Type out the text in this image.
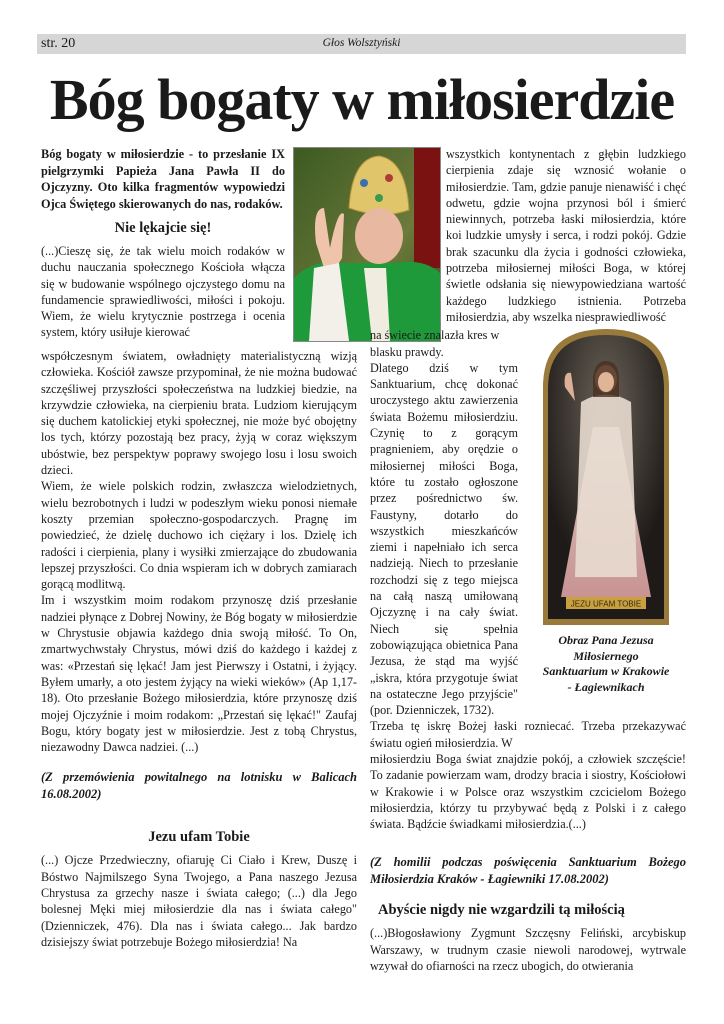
str. 20	Głos Wolsztyński
Bóg bogaty w miłosierdzie

Bóg bogaty w miłosierdzie - to przesłanie IX pielgrzymki Papieża Jana Pawła II do Ojczyzny. Oto kilka fragmentów wypowiedzi Ojca Świętego skierowanych do nas, rodaków.

Nie lękajcie się!

(...)Cieszę się, że tak wielu moich rodaków w duchu nauczania społecznego Kościoła włącza się w budowanie wspólnego ojczystego domu na fundamencie sprawiedliwości, miłości i pokoju. Wiem, że wielu krytycznie postrzega i ocenia system, który usiłuje kierować

współczesnym światem, owładnięty materialistyczną wizją człowieka. Kościół zawsze przypominał, że nie można budować szczęśliwej przyszłości społeczeństwa na ludzkiej biedzie, na krzywdzie człowieka, na cierpieniu brata. Ludziom kierującym się duchem katolickiej etyki społecznej, nie może być obojętny los tych, którzy pozostają bez pracy, żyją w coraz większym ubóstwie, bez perspektyw poprawy swojego losu i losu swoich dzieci.

Wiem, że wiele polskich rodzin, zwłaszcza wielodzietnych, wielu bezrobotnych i ludzi w podeszłym wieku ponosi niemałe koszty przemian społeczno-gospodarczych. Pragnę im powiedzieć, że dzielę duchowo ich ciężary i los. Dzielę ich radości i cierpienia, plany i wysiłki zmierzające do zbudowania lepszej przyszłości. Co dnia wspieram ich w dobrych zamiarach gorącą modlitwą.

Im i wszystkim moim rodakom przynoszę dziś przesłanie nadziei płynące z Dobrej Nowiny, że Bóg bogaty w miłosierdzie w Chrystusie objawia każdego dnia swoją miłość. To On, zmartwychwstały Chrystus, mówi dziś do każdego i każdej z was: «Przestań się lękać! Jam jest Pierwszy i Ostatni, i żyjący. Byłem umarły, a oto jestem żyjący na wieki wieków» (Ap 1,17-18). Oto przesłanie Bożego miłosierdzia, które przynoszę dziś mojej Ojczyźnie i moim rodakom: „Przestań się lękać!" Zaufaj Bogu, który bogaty jest w miłosierdzie. Jest z tobą Chrystus, niezawodny Dawca nadziei. (...)

(Z przemówienia powitalnego na lotnisku w Balicach 16.08.2002)
Jezu ufam Tobie

(...) Ojcze Przedwieczny, ofiaruję Ci Ciało i Krew, Duszę i Bóstwo Najmilszego Syna Twojego, a Pana naszego Jezusa Chrystusa za grzechy nasze i świata całego; (...) dla Jego bolesnej Męki miej miłosierdzie dla nas i świata całego" (Dzienniczek, 476). Dla nas i świata całego... Jak bardzo dzisiejszy świat potrzebuje Bożego miłosierdzia! Na

wszystkich kontynentach z głębin ludzkiego cierpienia zdaje się wznosić wołanie o miłosierdzie. Tam, gdzie panuje nienawiść i chęć odwetu, gdzie wojna przynosi ból i śmierć niewinnych, potrzeba łaski miłosierdzia, które koi ludzkie umysły i serca, i rodzi pokój. Gdzie brak szacunku dla życia i godności człowieka, potrzeba miłosiernej miłości Boga, w której świetle odsłania się niewypowiedziana wartość każdego ludzkiego istnienia. Potrzeba miłosierdzia, aby wszelka niesprawiedliwość

JEZU UFAM TOBIE
Obraz Pana Jezusa
Miłosiernego
Sanktuarium w Krakowie
- Łagiewnikach

na świecie znalazła kres w blasku prawdy.

Dlatego dziś w tym Sanktuarium, chcę dokonać uroczystego aktu zawierzenia świata Bożemu miłosierdziu. Czynię to z gorącym pragnieniem, aby orędzie o miłosiernej miłości Boga, które tu zostało ogłoszone przez pośrednictwo św. Faustyny, dotarło do wszystkich mieszkańców ziemi i napełniało ich serca nadzieją. Niech to przesłanie rozchodzi się z tego miejsca na całą naszą umiłowaną Ojczyznę i na cały świat. Niech się spełnia zobowiązująca obietnica Pana Jezusa, że stąd ma wyjść „iskra, która przygotuje świat na ostateczne Jego przyjście" (por. Dzienniczek, 1732).

Trzeba tę iskrę Bożej łaski rozniecać. Trzeba przekazywać światu ogień miłosierdzia. W

miłosierdziu Boga świat znajdzie pokój, a człowiek szczęście! To zadanie powierzam wam, drodzy bracia i siostry, Kościołowi w Krakowie i w Polsce oraz wszystkim czcicielom Bożego miłosierdzia, którzy tu przybywać będą z Polski i z całego świata. Bądźcie świadkami miłosierdzia.(...)

(Z homilii podczas poświęcenia Sanktuarium Bożego Miłosierdzia Kraków - Łagiewniki 17.08.2002)
Abyście nigdy nie wzgardzili tą miłością

(...)Błogosławiony Zygmunt Szczęsny Feliński, arcybiskup Warszawy, w trudnym czasie niewoli narodowej, wytrwale wzywał do ofiarności na rzecz ubogich, do otwierania
